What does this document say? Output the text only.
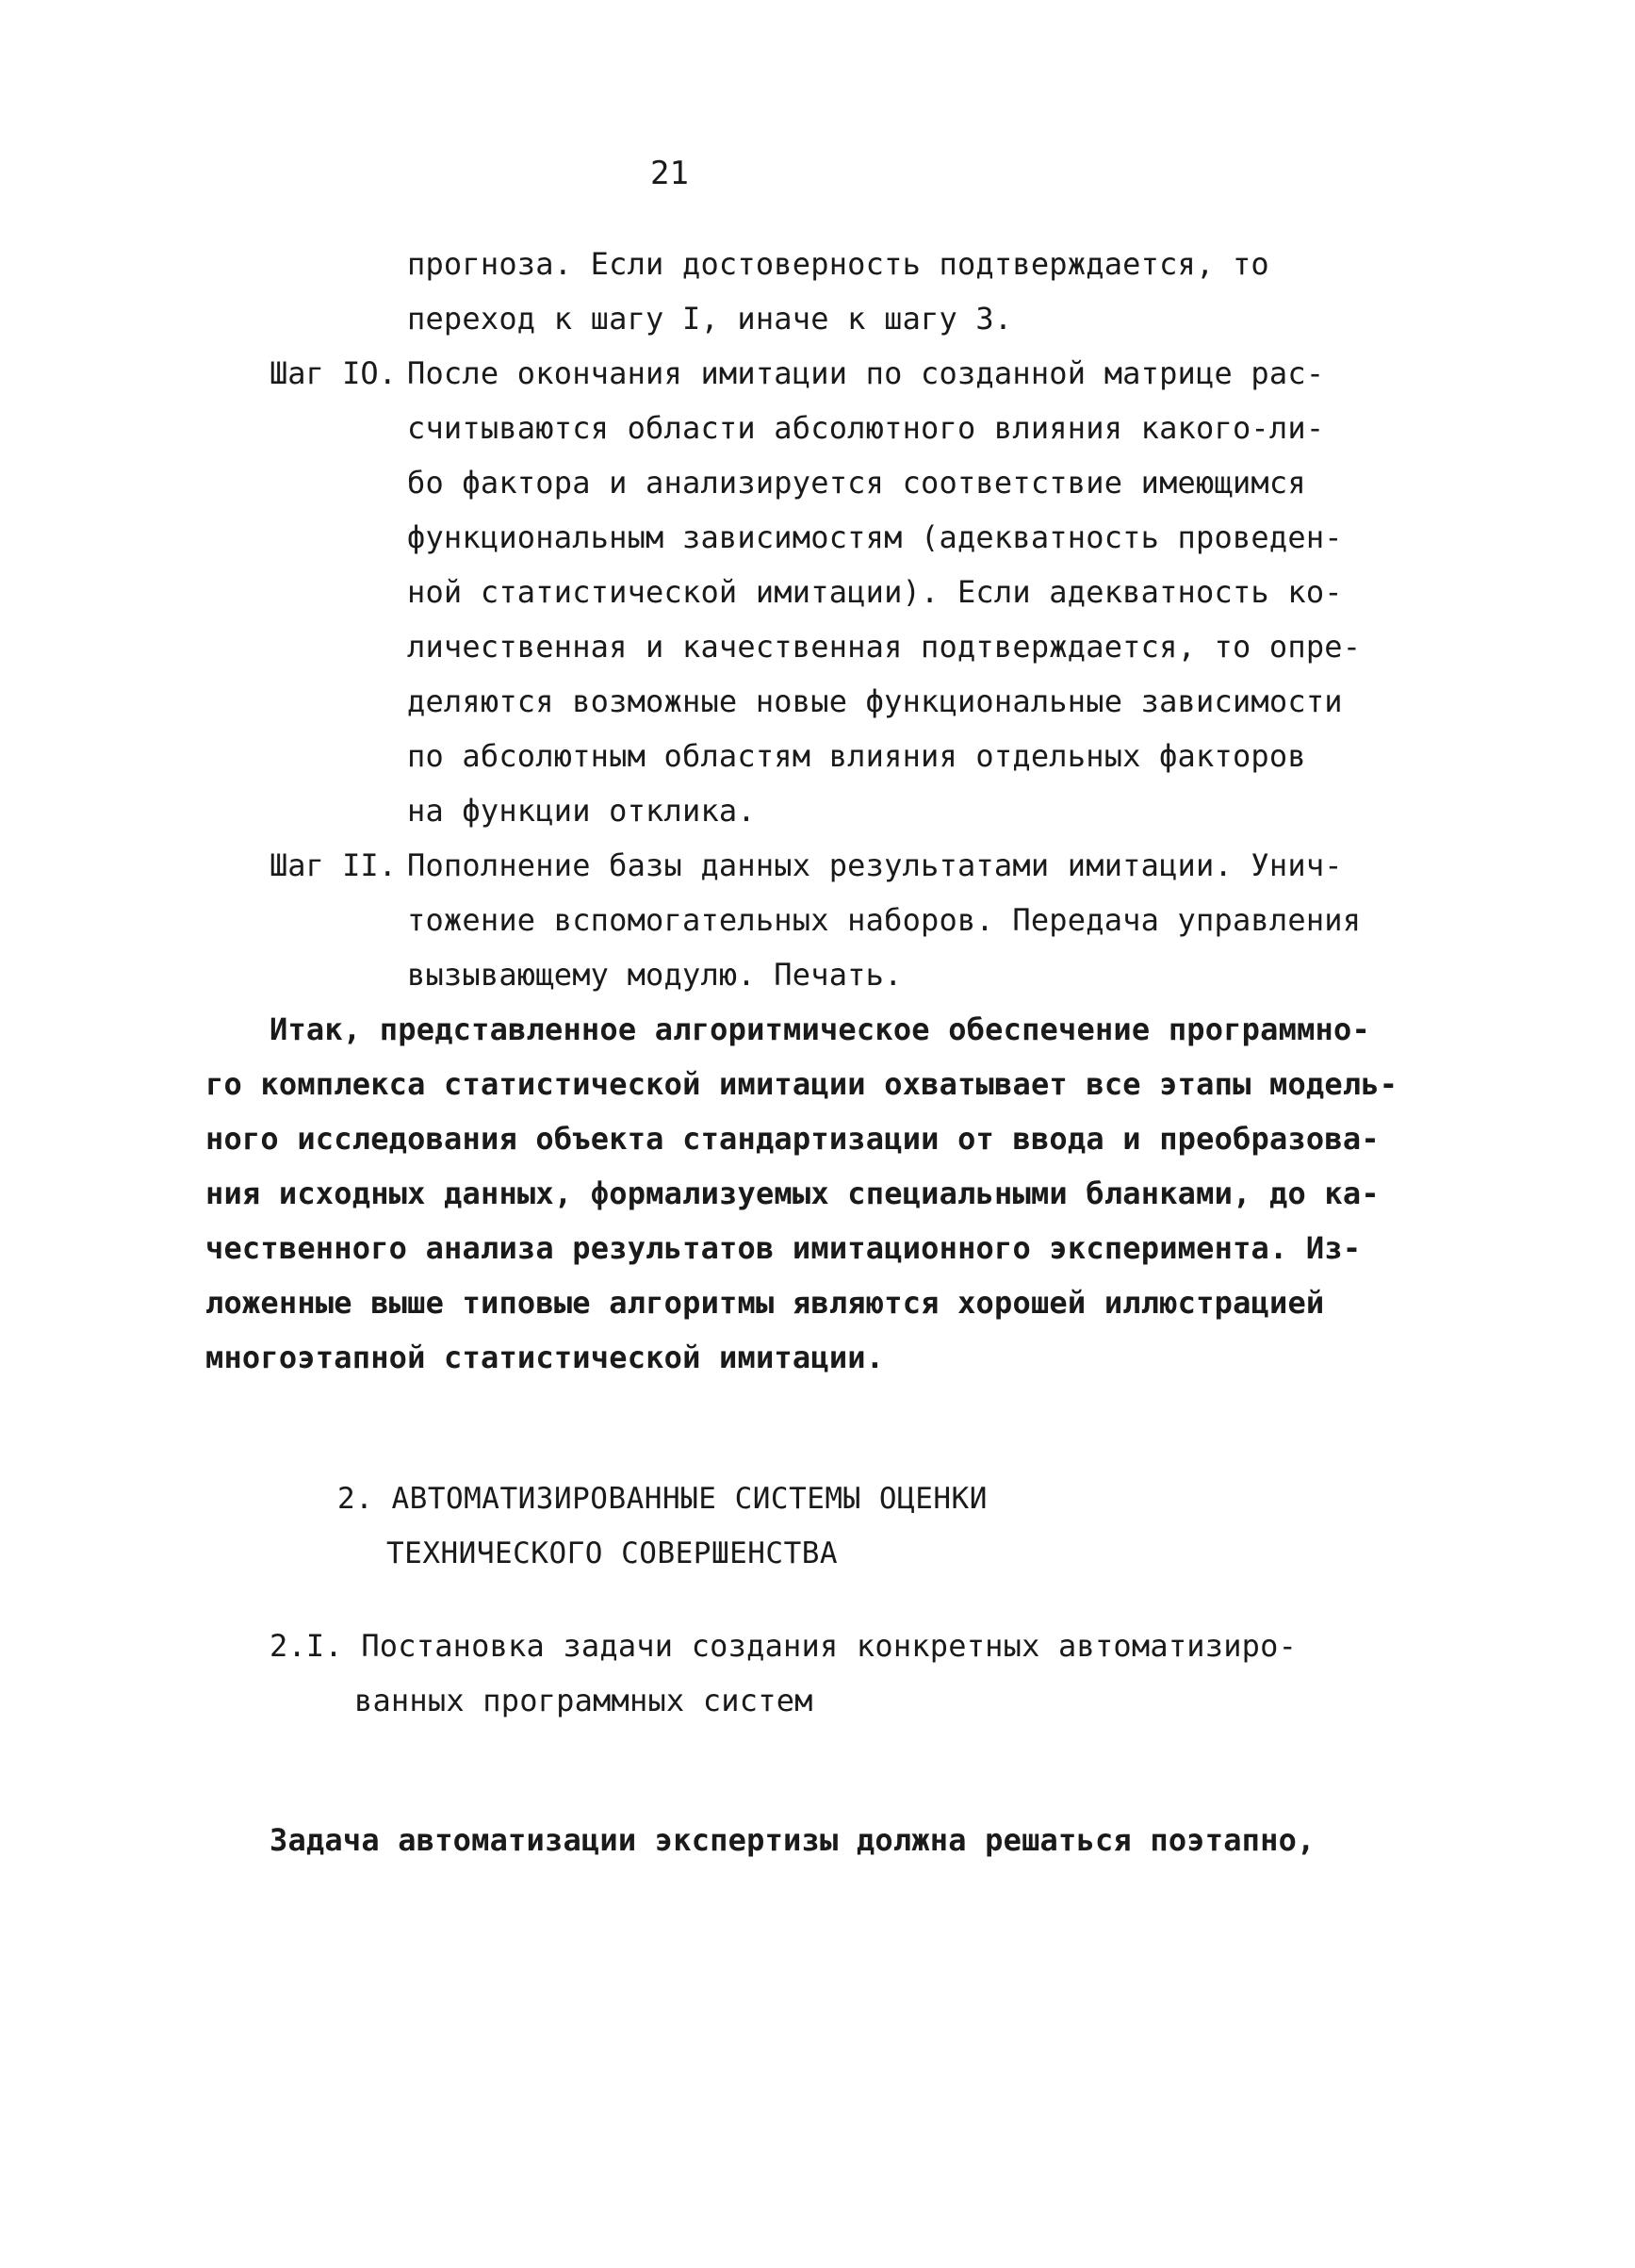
21
прогноза. Если достоверность подтверждается, то
переход к шагу I, иначе к шагу 3.
Шаг IO. После окончания имитации по созданной матрице рас-
считываются области абсолютного влияния какого-ли-
бо фактора и анализируется соответствие имеющимся
функциональным зависимостям (адекватность проведен-
ной статистической имитации). Если адекватность ко-
личественная и качественная подтверждается, то опре-
деляются возможные новые функциональные зависимости
по абсолютным областям влияния отдельных факторов
на функции отклика.
Шаг II. Пополнение базы данных результатами имитации. Унич-
тожение вспомогательных наборов. Передача управления
вызывающему модулю. Печать.
Итак, представленное алгоритмическое обеспечение программно-
го комплекса статистической имитации охватывает все этапы модель-
ного исследования объекта стандартизации от ввода и преобразова-
ния исходных данных, формализуемых специальными бланками, до ка-
чественного анализа результатов имитационного эксперимента. Из-
ложенные выше типовые алгоритмы являются хорошей иллюстрацией
многоэтапной статистической имитации.
2. АВТОМАТИЗИРОВАННЫЕ СИСТЕМЫ ОЦЕНКИ
ТЕХНИЧЕСКОГО СОВЕРШЕНСТВА
2.I. Постановка задачи создания конкретных автоматизиро-
ванных программных систем
Задача автоматизации экспертизы должна решаться поэтапно,
